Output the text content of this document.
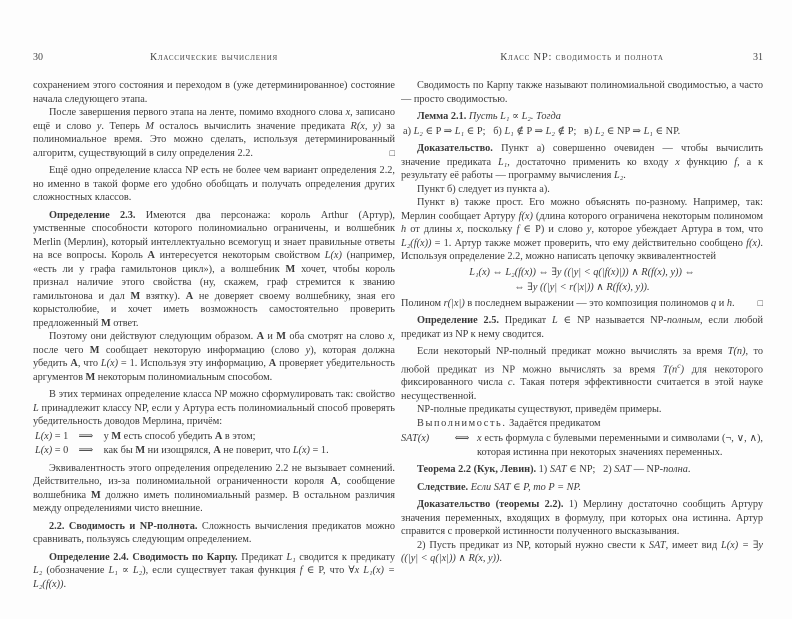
30	Классические вычисления

сохранением этого состояния и переходом в (уже детерминированное) состояние начала следующего этапа.

После завершения первого этапа на ленте, помимо входного слова x, записано ещё и слово y. Теперь M осталось вычислить значение предиката R(x, y) за полиномиальное время. Это можно сделать, используя детерминированный алгоритм, существующий в силу определения 2.2.	□

Ещё одно определение класса NP есть не более чем вариант определения 2.2, но именно в такой форме его удобно обобщать и получать определения других сложностных классов.

Определение 2.3. Имеются два персонажа: король Arthur (Артур), умственные способности которого полиномиально ограничены, и волшебник Merlin (Мерлин), который интеллектуально всемогущ и знает правильные ответы на все вопросы. Король A интересуется некоторым свойством L(x) (например, «есть ли у графа гамильтонов цикл»), а волшебник M хочет, чтобы король признал наличие этого свойства (ну, скажем, граф стремится к званию гамильтонова и дал M взятку). A не доверяет своему волшебнику, зная его корыстолюбие, и хочет иметь возможность самостоятельно проверить предложенный M ответ.

Поэтому они действуют следующим образом. A и M оба смотрят на слово x, после чего M сообщает некоторую информацию (слово y), которая должна убедить A, что L(x) = 1. Используя эту информацию, A проверяет убедительность аргументов M некоторым полиномиальным способом.

В этих терминах определение класса NP можно сформулировать так: свойство L принадлежит классу NP, если у Артура есть полиномиальный способ проверять убедительность доводов Мерлина, причём:

L(x) = 1 ⟹ у M есть способ убедить A в этом;

L(x) = 0 ⟹ как бы M ни изощрялся, A не поверит, что L(x) = 1.

Эквивалентность этого определения определению 2.2 не вызывает сомнений. Действительно, из-за полиномиальной ограниченности короля A, сообщение волшебника M должно иметь полиномиальный размер. В остальном различия между определениями чисто внешние.

2.2. Сводимость и NP-полнота. Сложность вычисления предикатов можно сравнивать, пользуясь следующим определением.

Определение 2.4. Сводимость по Карпу. Предикат L₁ сводится к предикату L₂ (обозначение L₁ ∝ L₂), если существует такая функция f ∈ P, что ∀x L₁(x) = L₂(f(x)).

Класс NP: сводимость и полнота	31

Сводимость по Карпу также называют полиномиальной сводимостью, а часто — просто сводимостью.

Лемма 2.1. Пусть L₁ ∝ L₂. Тогда

а) L₂ ∈ P ⇒ L₁ ∈ P;  б) L₁ ∉ P ⇒ L₂ ∉ P;  в) L₂ ∈ NP ⇒ L₁ ∈ NP.

Доказательство. Пункт а) совершенно очевиден — чтобы вычислить значение предиката L₁, достаточно применить ко входу x функцию f, а к результату её работы — программу вычисления L₂.

Пункт б) следует из пункта а).

Пункт в) также прост. Его можно объяснять по-разному. Например, так: Мерлин сообщает Артуру f(x) (длина которого ограничена некоторым полиномом h от длины x, поскольку f ∈ P) и слово y, которое убеждает Артура в том, что L₂(f(x)) = 1. Артур также может проверить, что ему действительно сообщено f(x). Используя определение 2.2, можно написать цепочку эквивалентностей

L₁(x) ⇔ L₂(f(x)) ⇔ ∃y ((|y| < q(|f(x)|)) ∧ R(f(x), y)) ⇔

⇔ ∃y ((|y| < r(|x|)) ∧ R(f(x), y)).

Полином r(|x|) в последнем выражении — это композиция полиномов q и h.	□

Определение 2.5. Предикат L ∈ NP называется NP-полным, если любой предикат из NP к нему сводится.

Если некоторый NP-полный предикат можно вычислять за время T(n), то любой предикат из NP можно вычислять за время $T(n^c)$ для некоторого фиксированного числа c. Такая потеря эффективности считается в этой науке несущественной.

NP-полные предикаты существуют, приведём примеры.

Выполнимость. Задаётся предикатом

SAT(x)	⟺ x есть формула с булевыми переменными и символами (¬, ∨, ∧), которая истинна при некоторых значениях переменных.

Теорема 2.2 (Кук, Левин). 1) SAT ∈ NP;  2) SAT — NP-полна.

Следствие. Если SAT ∈ P, то P = NP.

Доказательство (теоремы 2.2). 1) Мерлину достаточно сообщить Артуру значения переменных, входящих в формулу, при которых она истинна. Артур справится с проверкой истинности полученного высказывания.

2) Пусть предикат из NP, который нужно свести к SAT, имеет вид L(x) = ∃y ((|y| < q(|x|)) ∧ R(x, y)).
